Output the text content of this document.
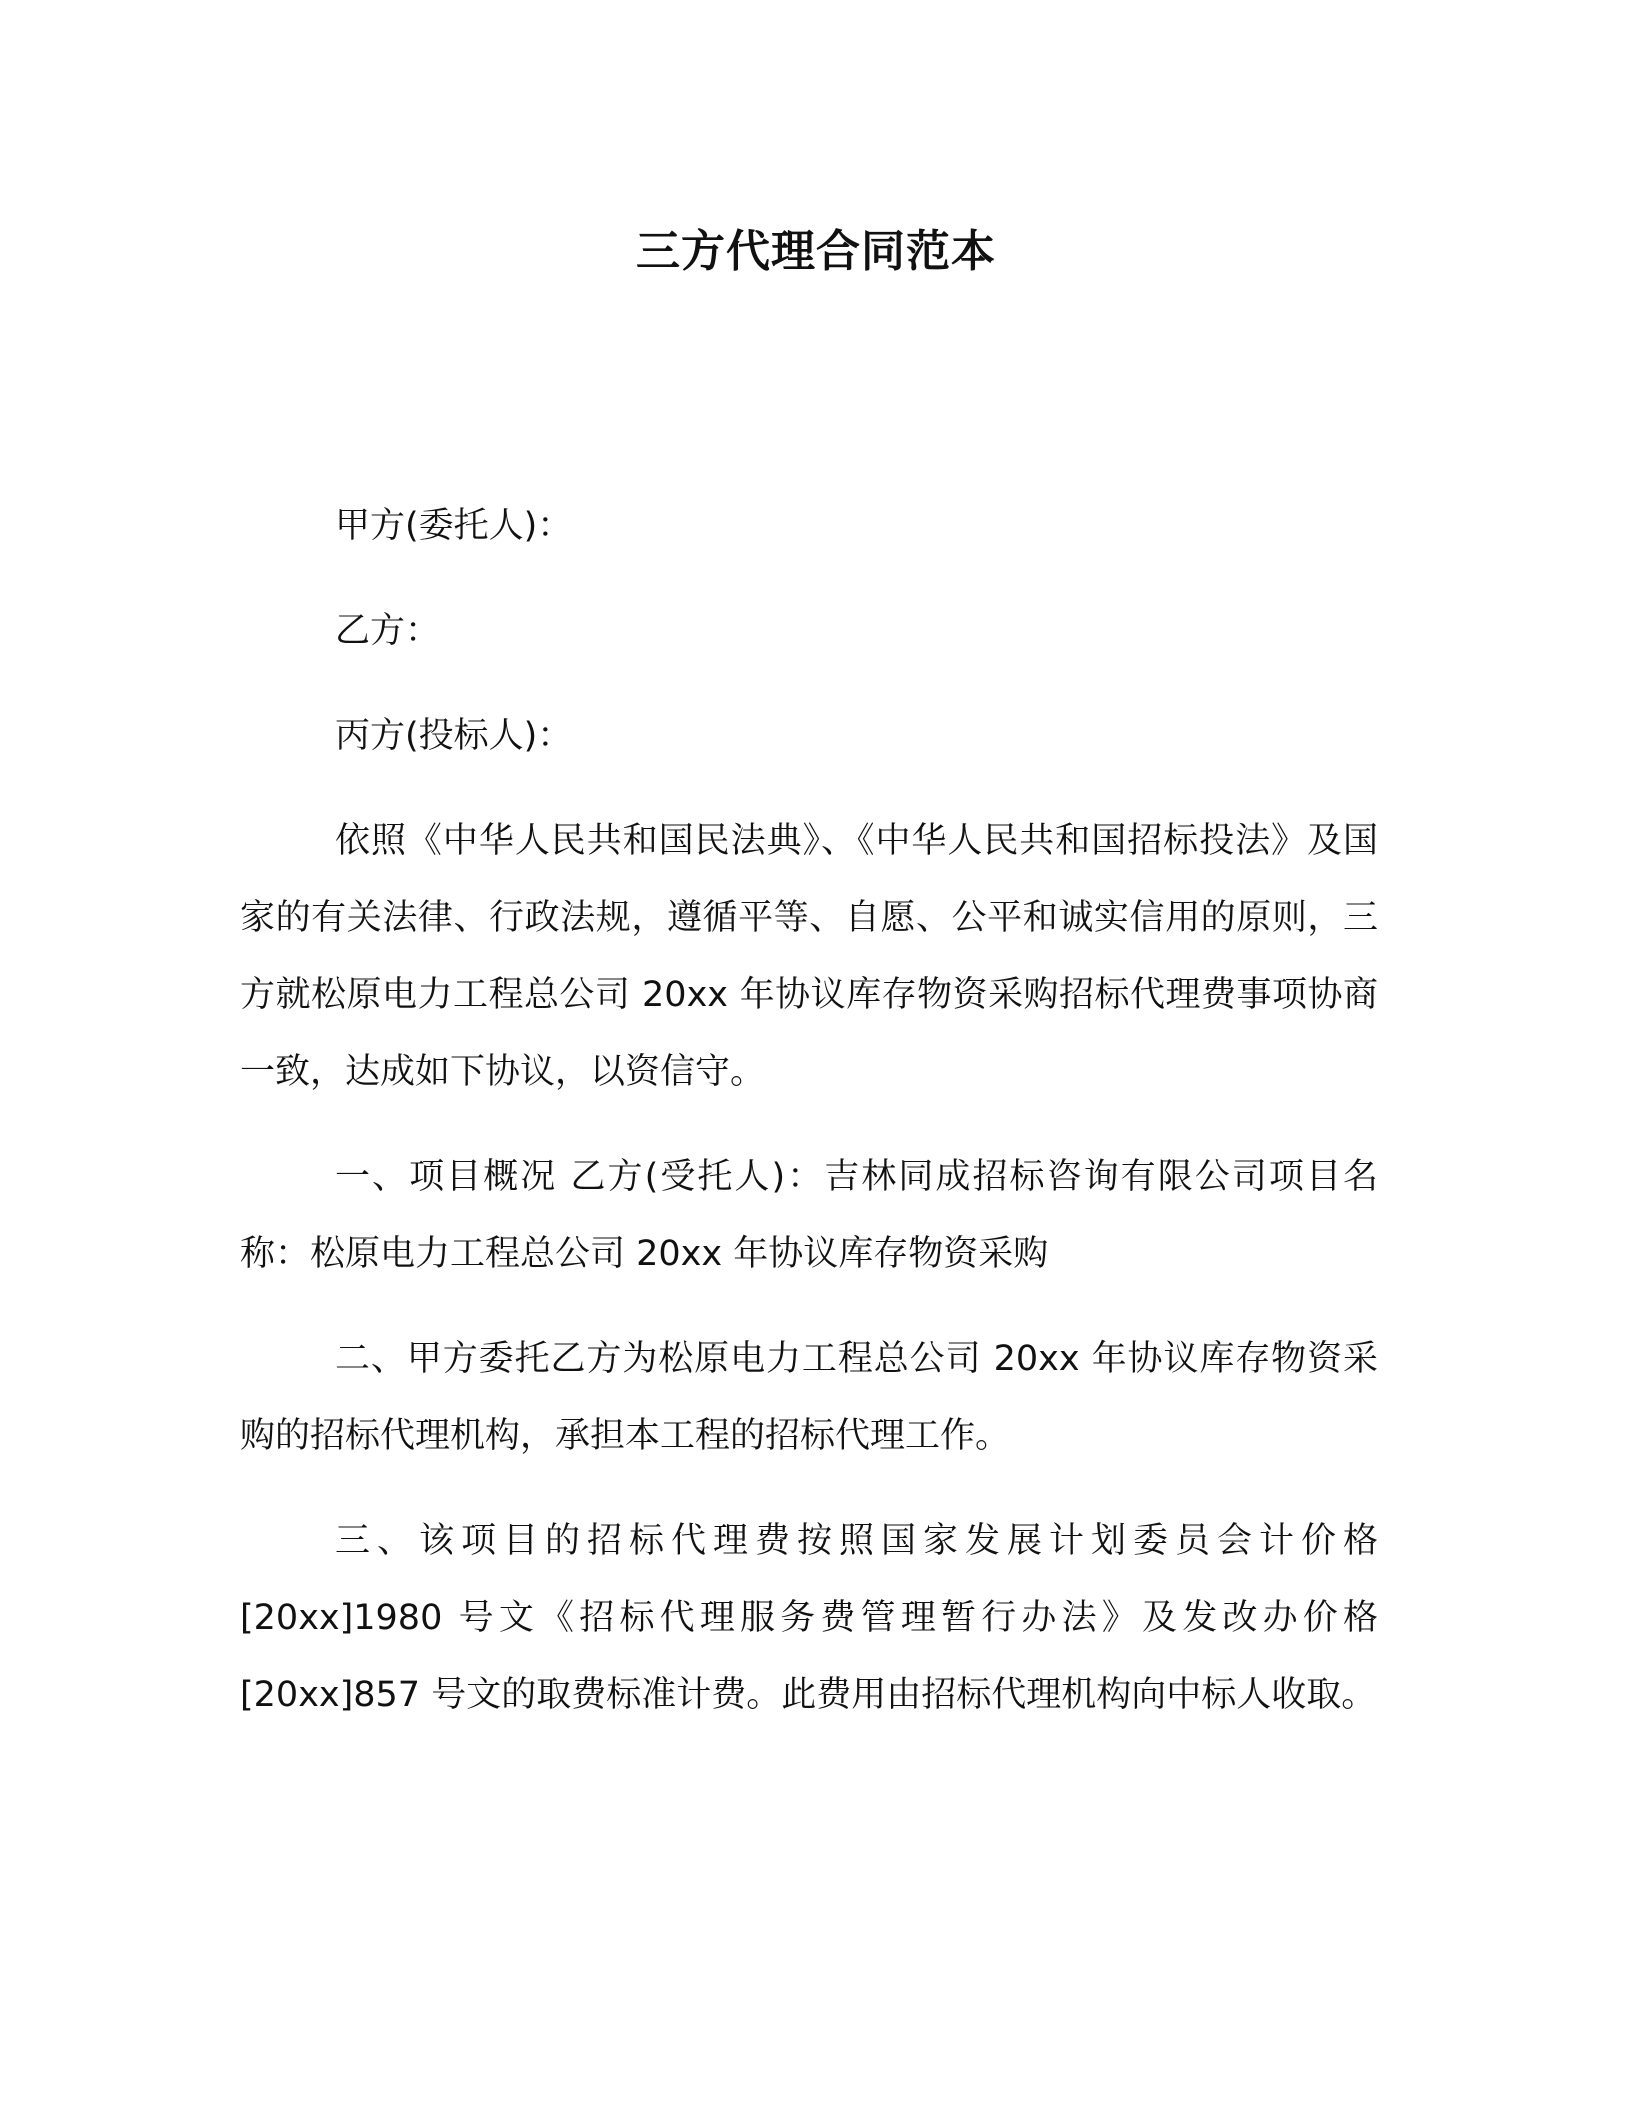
三方代理合同范本

甲方(委托人)：

乙方：

丙方(投标人)：

依照《中华人民共和国民法典》、《中华人民共和国招标投法》及国家的有关法律、行政法规，遵循平等、自愿、公平和诚实信用的原则，三方就松原电力工程总公司 20xx 年协议库存物资采购招标代理费事项协商一致，达成如下协议，以资信守。

一、项目概况 乙方(受托人)：吉林同成招标咨询有限公司项目名称：松原电力工程总公司 20xx 年协议库存物资采购

二、甲方委托乙方为松原电力工程总公司 20xx 年协议库存物资采购的招标代理机构，承担本工程的招标代理工作。

三、该项目的招标代理费按照国家发展计划委员会计价格[20xx]1980 号文《招标代理服务费管理暂行办法》及发改办价格[20xx]857 号文的取费标准计费。此费用由招标代理机构向中标人收取。
